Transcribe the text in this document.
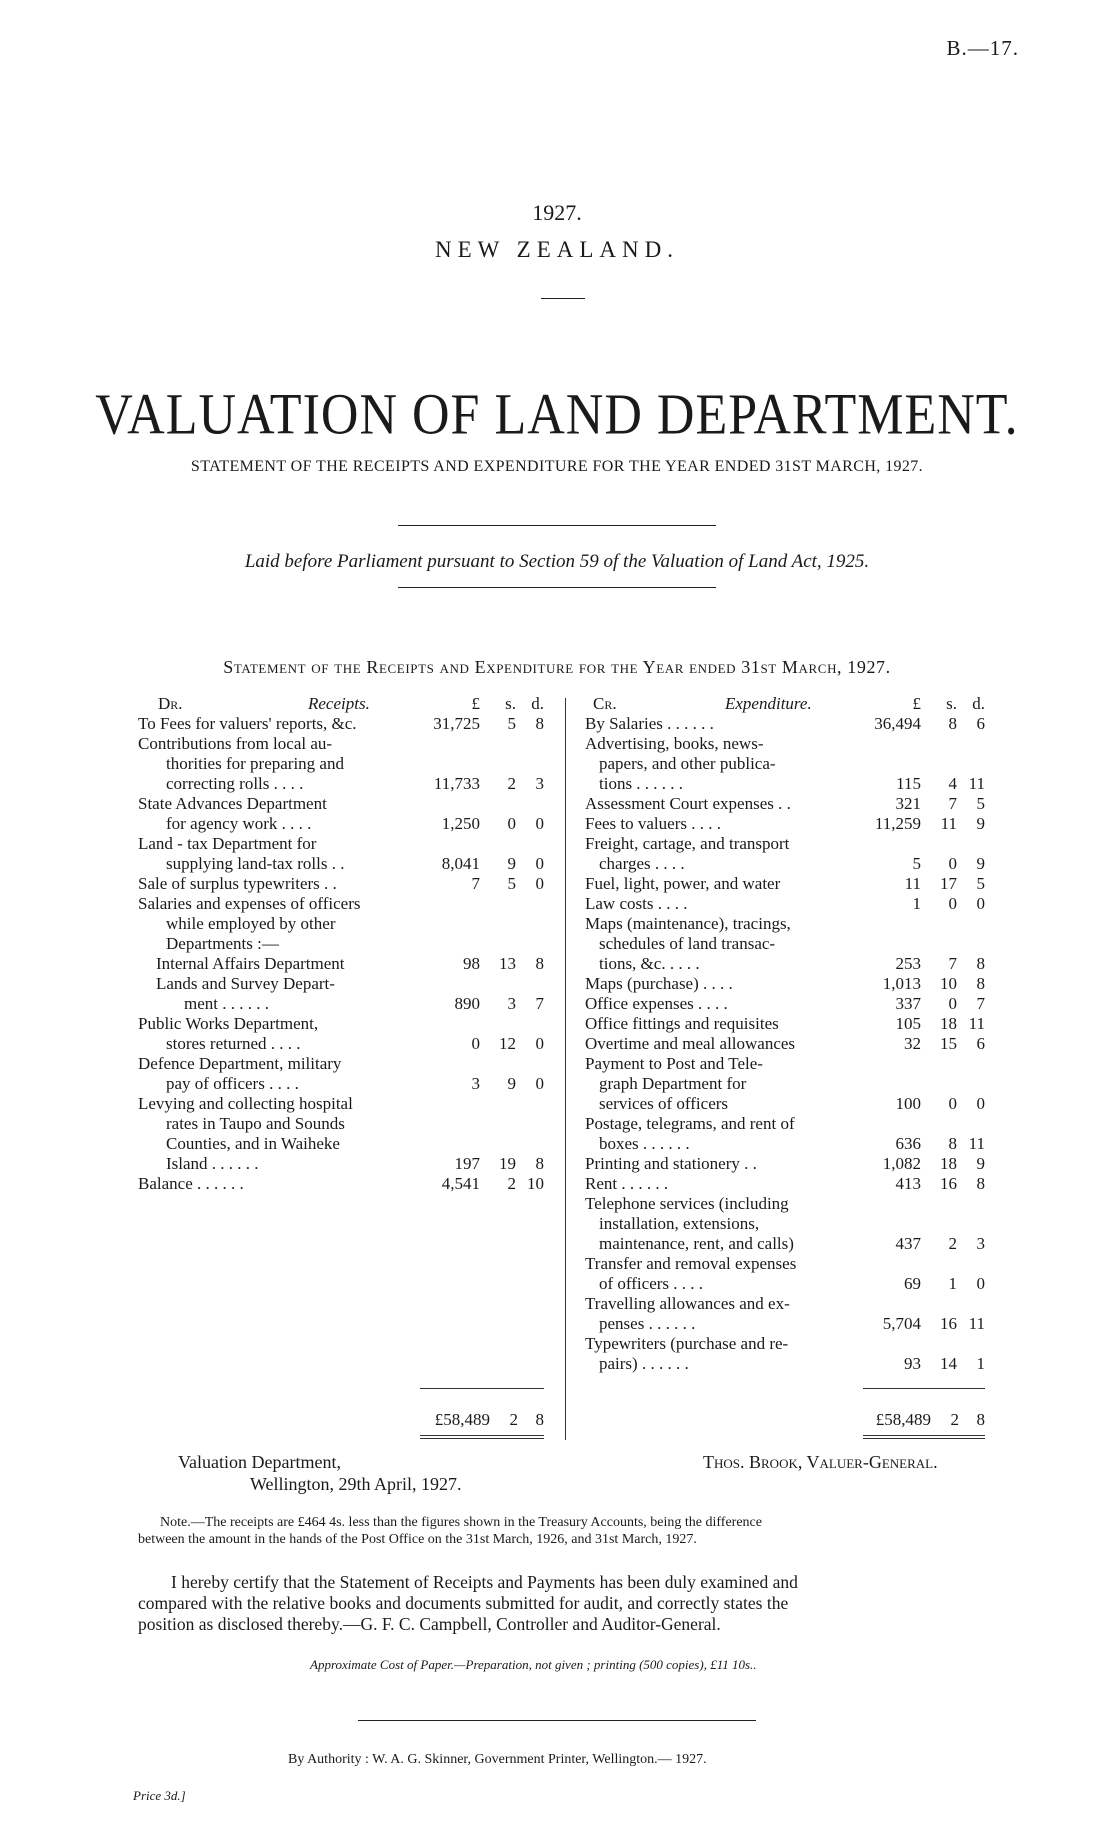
B.—17.
1927.
NEW ZEALAND.
VALUATION OF LAND DEPARTMENT.
STATEMENT OF THE RECEIPTS AND EXPENDITURE FOR THE YEAR ENDED 31ST MARCH, 1927.
Laid before Parliament pursuant to Section 59 of the Valuation of Land Act, 1925.
Statement of the Receipts and Expenditure for the Year ended 31st March, 1927.
Dr.	Receipts.	£	s. d.
To Fees for valuers' reports, &c.	31,725	5	8
Contributions from local au-
thorities for preparing and
correcting rolls . . . .	11,733	2	3
State Advances Department
for agency work . . . .	1,250	0	0
Land - tax Department for
supplying land-tax rolls . .	8,041	9	0
Sale of surplus typewriters . .	7	5	0
Salaries and expenses of officers
while employed by other
Departments :—
Internal Affairs Department	98	13	8
Lands and Survey Depart-
ment . . . . . .	890	3	7
Public Works Department,
stores returned . . . .	0	12	0
Defence Department, military
pay of officers . . . .	3	9	0
Levying and collecting hospital
rates in Taupo and Sounds
Counties, and in Waiheke
Island . . . . . .	197	19	8
Balance . . . . . .	4,541	2 10
Cr.	Expenditure.	£	s. d.
By Salaries . . . . . .	36,494	8	6
Advertising, books, news-
papers, and other publica-
tions . . . . . .	115	4 11
Assessment Court expenses . .	321	7	5
Fees to valuers . . . .	11,259	11	9
Freight, cartage, and transport
charges . . . .	5	0	9
Fuel, light, power, and water	11	17	5
Law costs . . . .	1	0	0
Maps (maintenance), tracings,
schedules of land transac-
tions, &c. . . . .	253	7	8
Maps (purchase) . . . .	1,013	10	8
Office expenses . . . .	337	0	7
Office fittings and requisites	105	18 11
Overtime and meal allowances	32	15	6
Payment to Post and Tele-
graph Department for
services of officers	100	0	0
Postage, telegrams, and rent of
boxes . . . . . .	636	8 11
Printing and stationery . .	1,082	18	9
Rent . . . . . .	413	16	8
Telephone services (including
installation, extensions,
maintenance, rent, and calls)	437	2	3
Transfer and removal expenses
of officers . . . .	69	1	0
Travelling allowances and ex-
penses . . . . . .	5,704	16 11
Typewriters (purchase and re-
pairs) . . . . . .	93	14	1
£58,489	2	8	£58,489	2	8
Valuation Department,
Wellington, 29th April, 1927.
Thos. Brook, Valuer-General.
Note.—The receipts are £464 4s. less than the figures shown in the Treasury Accounts, being the difference
between the amount in the hands of the Post Office on the 31st March, 1926, and 31st March, 1927.
I hereby certify that the Statement of Receipts and Payments has been duly examined and
compared with the relative books and documents submitted for audit, and correctly states the
position as disclosed thereby.—G. F. C. Campbell, Controller and Auditor-General.
Approximate Cost of Paper.—Preparation, not given ; printing (500 copies), £11 10s..
By Authority : W. A. G. Skinner, Government Printer, Wellington.— 1927.
Price 3d.]
